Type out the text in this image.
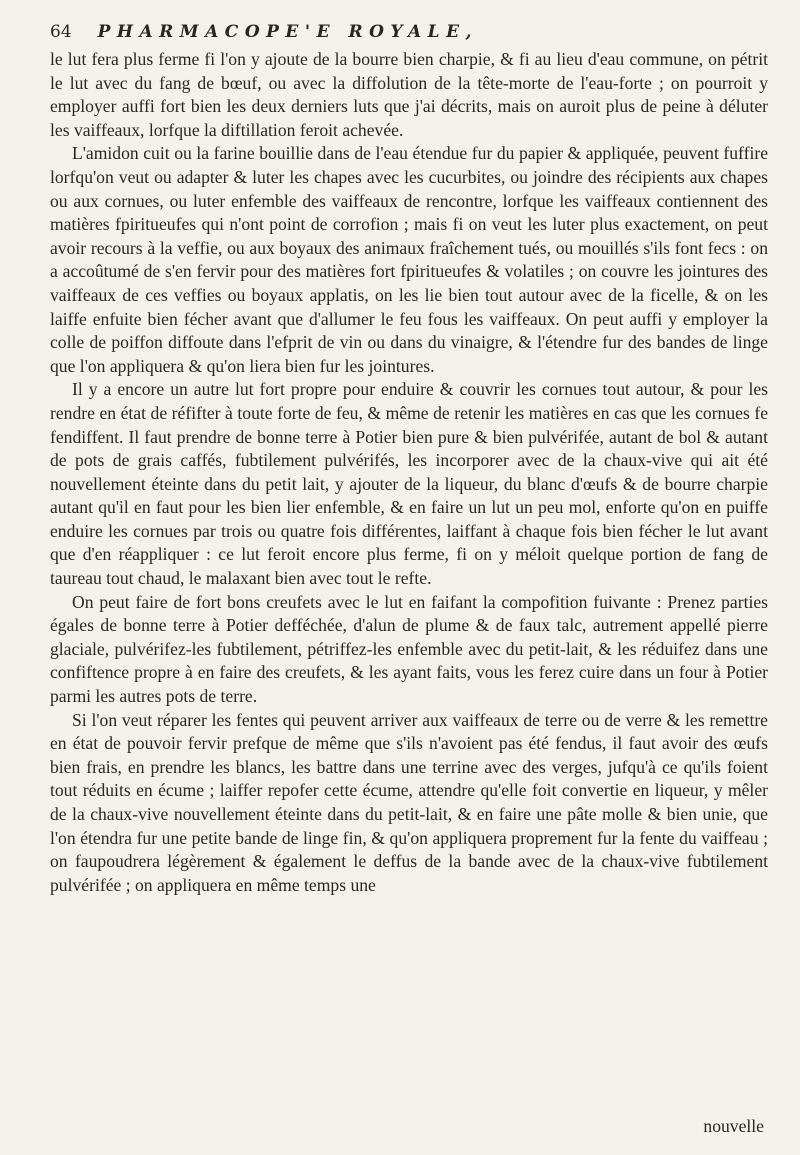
64 PHARMACOPE'E ROYALE,

le lut fera plus ferme fi l'on y ajoute de la bourre bien charpie, & fi au lieu d'eau commune, on pétrit le lut avec du fang de bœuf, ou avec la diffolution de la tête-morte de l'eau-forte ; on pourroit y employer auffi fort bien les deux derniers luts que j'ai décrits, mais on auroit plus de peine à déluter les vaiffeaux, lorfque la diftillation feroit achevée.

L'amidon cuit ou la farine bouillie dans de l'eau étendue fur du papier & appliquée, peuvent fuffire lorfqu'on veut ou adapter & luter les chapes avec les cucurbites, ou joindre des récipients aux chapes ou aux cornues, ou luter enfemble des vaiffeaux de rencontre, lorfque les vaiffeaux contiennent des matières fpiritueufes qui n'ont point de corrofion ; mais fi on veut les luter plus exactement, on peut avoir recours à la veffie, ou aux boyaux des animaux fraîchement tués, ou mouillés s'ils font fecs : on a accoûtumé de s'en fervir pour des matières fort fpiritueufes & volatiles ; on couvre les jointures des vaiffeaux de ces veffies ou boyaux applatis, on les lie bien tout autour avec de la ficelle, & on les laiffe enfuite bien fécher avant que d'allumer le feu fous les vaiffeaux. On peut auffi y employer la colle de poiffon diffoute dans l'efprit de vin ou dans du vinaigre, & l'étendre fur des bandes de linge que l'on appliquera & qu'on liera bien fur les jointures.

Il y a encore un autre lut fort propre pour enduire & couvrir les cornues tout autour, & pour les rendre en état de réfifter à toute forte de feu, & même de retenir les matières en cas que les cornues fe fendiffent. Il faut prendre de bonne terre à Potier bien pure & bien pulvérifée, autant de bol & autant de pots de grais caffés, fubtilement pulvérifés, les incorporer avec de la chaux-vive qui ait été nouvellement éteinte dans du petit lait, y ajouter de la liqueur, du blanc d'œufs & de bourre charpie autant qu'il en faut pour les bien lier enfemble, & en faire un lut un peu mol, enforte qu'on en puiffe enduire les cornues par trois ou quatre fois différentes, laiffant à chaque fois bien fécher le lut avant que d'en réappliquer : ce lut feroit encore plus ferme, fi on y méloit quelque portion de fang de taureau tout chaud, le malaxant bien avec tout le refte.

On peut faire de fort bons creufets avec le lut en faifant la compofition fuivante : Prenez parties égales de bonne terre à Potier defféchée, d'alun de plume & de faux talc, autrement appellé pierre glaciale, pulvérifez-les fubtilement, pétriffez-les enfemble avec du petit-lait, & les réduifez dans une confiftence propre à en faire des creufets, & les ayant faits, vous les ferez cuire dans un four à Potier parmi les autres pots de terre.

Si l'on veut réparer les fentes qui peuvent arriver aux vaiffeaux de terre ou de verre & les remettre en état de pouvoir fervir prefque de même que s'ils n'avoient pas été fendus, il faut avoir des œufs bien frais, en prendre les blancs, les battre dans une terrine avec des verges, jufqu'à ce qu'ils foient tout réduits en écume ; laiffer repofer cette écume, attendre qu'elle foit convertie en liqueur, y mêler de la chaux-vive nouvellement éteinte dans du petit-lait, & en faire une pâte molle & bien unie, que l'on étendra fur une petite bande de linge fin, & qu'on appliquera proprement fur la fente du vaiffeau ; on faupoudrera légèrement & également le deffus de la bande avec de la chaux-vive fubtilement pulvérifée ; on appliquera en même temps une

nouvelle
